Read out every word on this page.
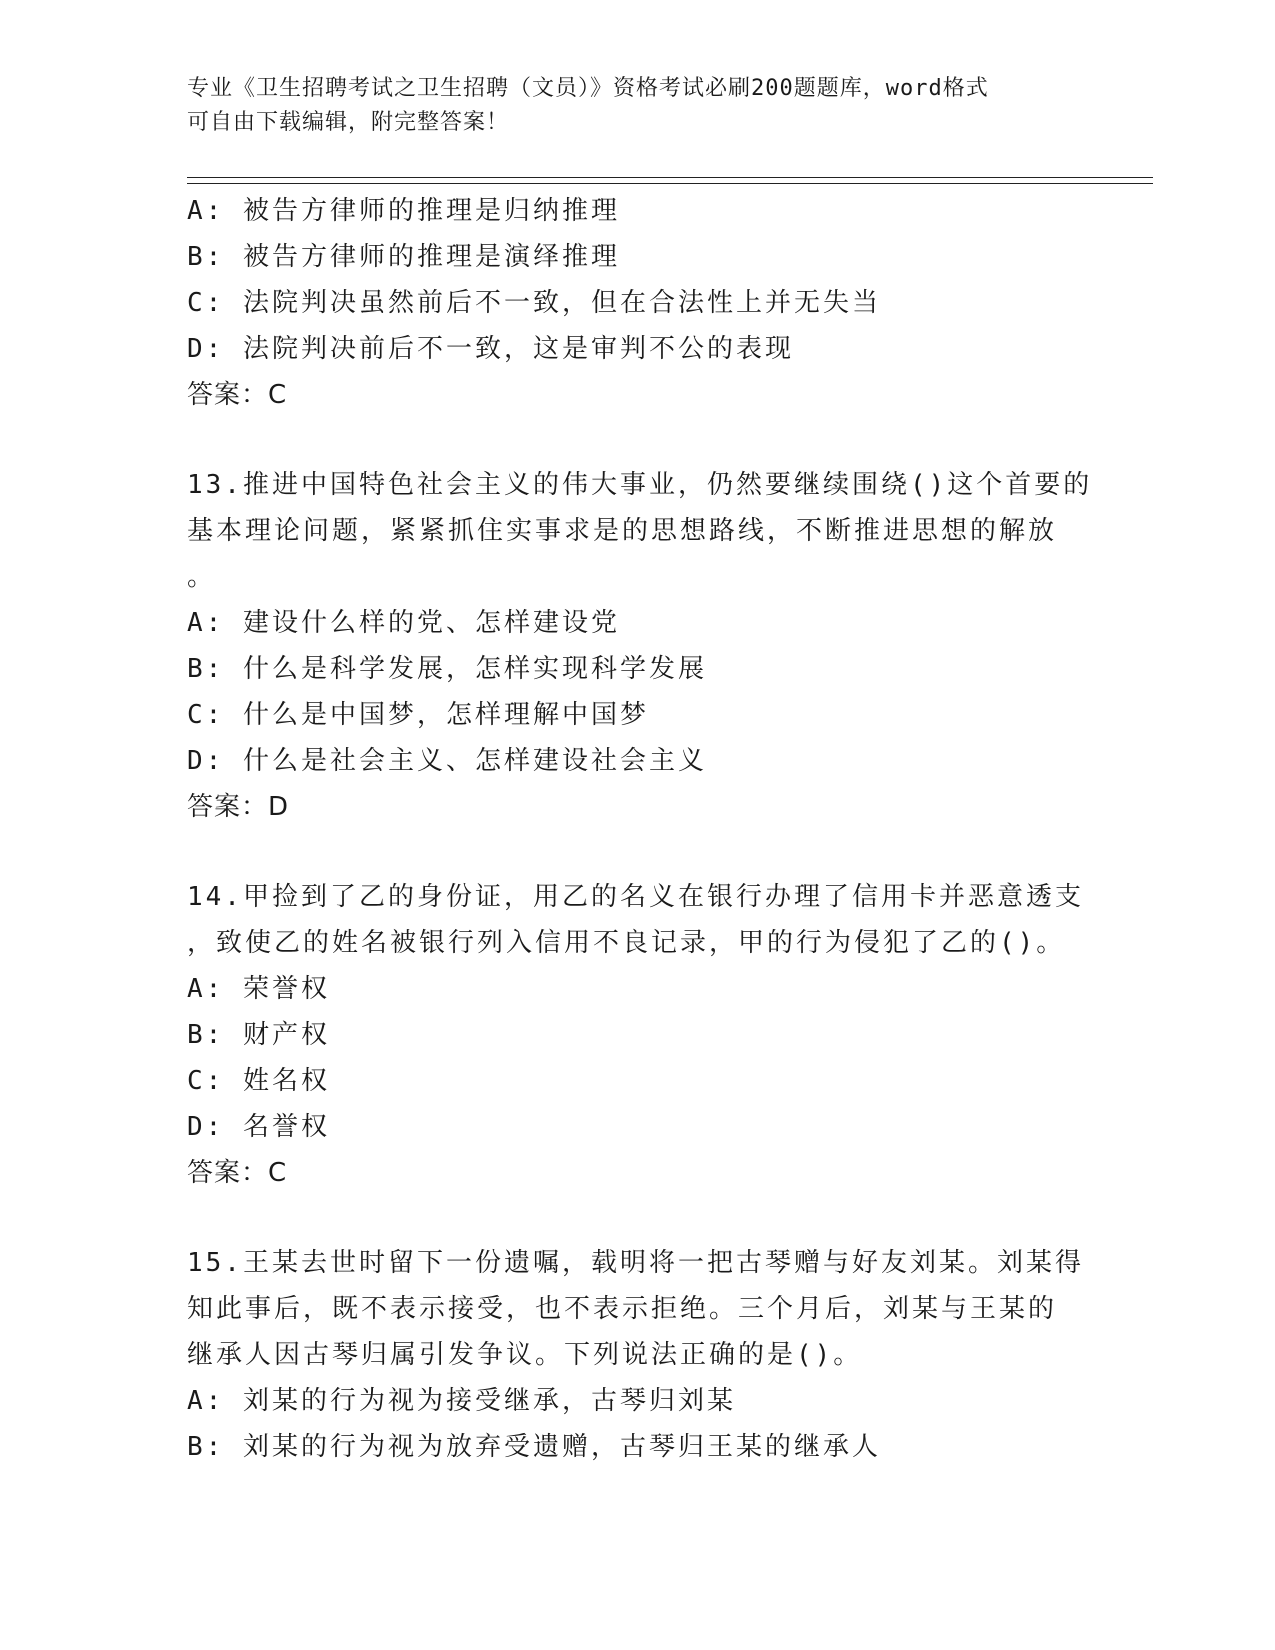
专业《卫生招聘考试之卫生招聘（文员）》资格考试必刷200题题库，word格式
可自由下载编辑，附完整答案！
A: 被告方律师的推理是归纳推理
B: 被告方律师的推理是演绎推理
C: 法院判决虽然前后不一致，但在合法性上并无失当
D: 法院判决前后不一致，这是审判不公的表现
答案：C
13.推进中国特色社会主义的伟大事业，仍然要继续围绕()这个首要的
基本理论问题，紧紧抓住实事求是的思想路线，不断推进思想的解放
。
A: 建设什么样的党、怎样建设党
B: 什么是科学发展，怎样实现科学发展
C: 什么是中国梦，怎样理解中国梦
D: 什么是社会主义、怎样建设社会主义
答案：D
14.甲捡到了乙的身份证，用乙的名义在银行办理了信用卡并恶意透支
，致使乙的姓名被银行列入信用不良记录，甲的行为侵犯了乙的()。
A: 荣誉权
B: 财产权
C: 姓名权
D: 名誉权
答案：C
15.王某去世时留下一份遗嘱，载明将一把古琴赠与好友刘某。刘某得
知此事后，既不表示接受，也不表示拒绝。三个月后，刘某与王某的
继承人因古琴归属引发争议。下列说法正确的是()。
A: 刘某的行为视为接受继承，古琴归刘某
B: 刘某的行为视为放弃受遗赠，古琴归王某的继承人
